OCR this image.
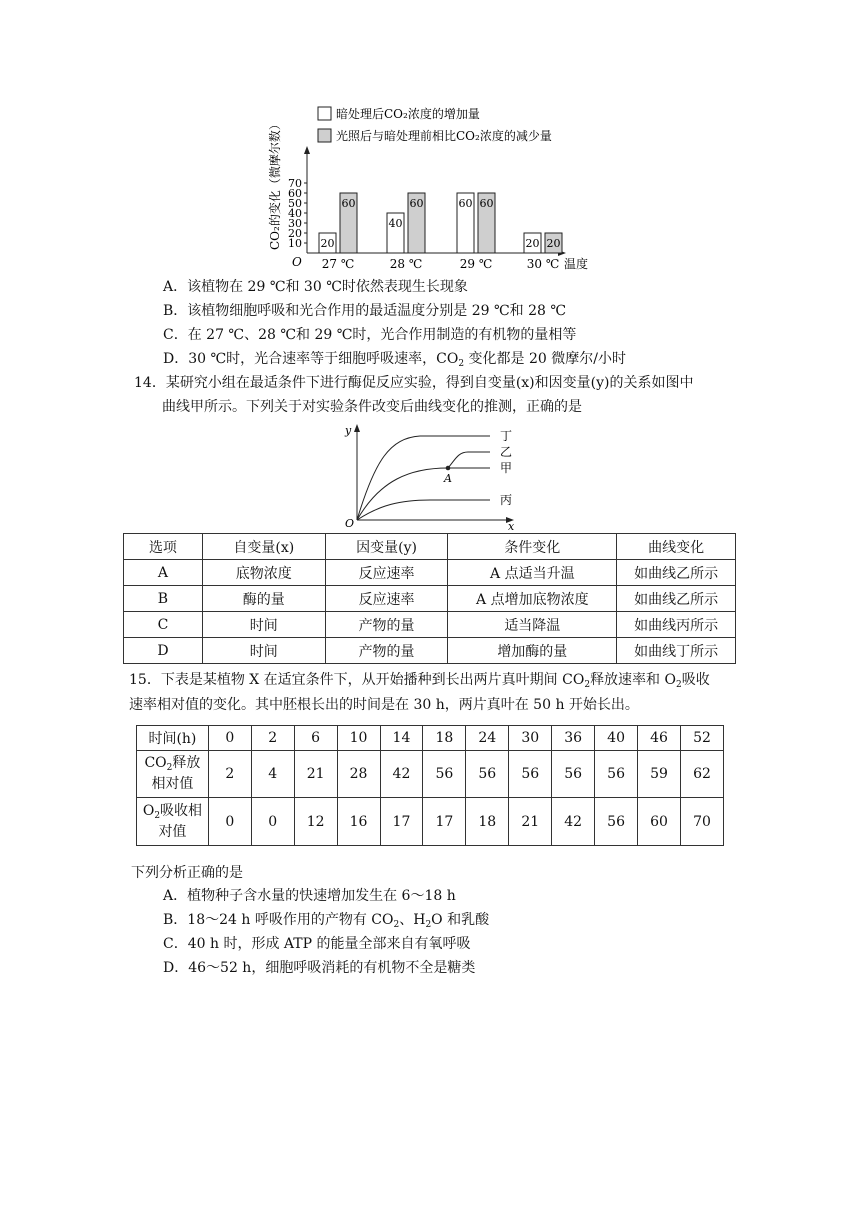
暗处理后CO₂浓度的增加量
光照后与暗处理前相比CO₂浓度的减少量
CO₂的变化（微摩尔数）
O	温度
10
20
30
40
50
60
70
20
60
27 ℃
40
60
28 ℃
60 60
29 ℃
20 20
30 ℃
A．该植物在 29 ℃和 30 ℃时依然表现生长现象
B．该植物细胞呼吸和光合作用的最适温度分别是 29 ℃和 28 ℃
C．在 27 ℃、28 ℃和 29 ℃时，光合作用制造的有机物的量相等
D．30 ℃时，光合速率等于细胞呼吸速率，$CO_2$ 变化都是 20 微摩尔/小时
14．某研究小组在最适条件下进行酶促反应实验，得到自变量(x)和因变量(y)的关系如图中
曲线甲所示。下列关于对实验条件改变后曲线变化的推测，正确的是
y
x
O
A
丁
乙
甲
丙
选项	自变量(x)	因变量(y)	条件变化	曲线变化
A	底物浓度	反应速率	A 点适当升温	如曲线乙所示
B	酶的量	反应速率	A 点增加底物浓度	如曲线乙所示
C	时间	产物的量	适当降温	如曲线丙所示
D	时间	产物的量	增加酶的量	如曲线丁所示
15．下表是某植物 X 在适宜条件下，从开始播种到长出两片真叶期间 $CO_2$释放速率和 $O_2$吸收
速率相对值的变化。其中胚根长出的时间是在 30 h，两片真叶在 50 h 开始长出。
时间(h)	0	2	6	10	14	18	24	30	36	40	46	52
$CO_2$释放
相对值	2	4	21	28	42	56	56	56	56	56	59	62
$O_2$吸收相
对值	0	0	12	16	17	17	18	21	42	56	60	70
下列分析正确的是
A．植物种子含水量的快速增加发生在 6～18 h
B．18～24 h 呼吸作用的产物有 $CO_2$、$H_2O$ 和乳酸
C．40 h 时，形成 ATP 的能量全部来自有氧呼吸
D．46～52 h，细胞呼吸消耗的有机物不全是糖类
